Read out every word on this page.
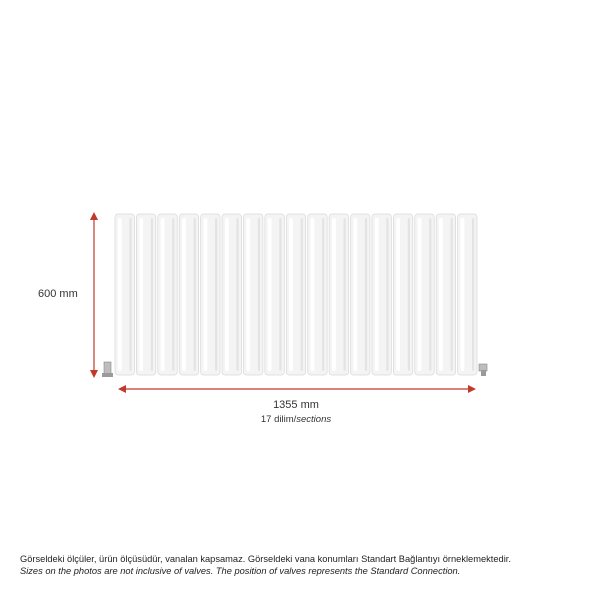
600 mm
1355 mm
17 dilim/sections
Görseldeki ölçüler, ürün ölçüsüdür, vanalan kapsamaz. Görseldeki vana konumları Standart Bağlantıyı örneklemektedir.
Sizes on the photos are not inclusive of valves. The position of valves represents the Standard Connection.
